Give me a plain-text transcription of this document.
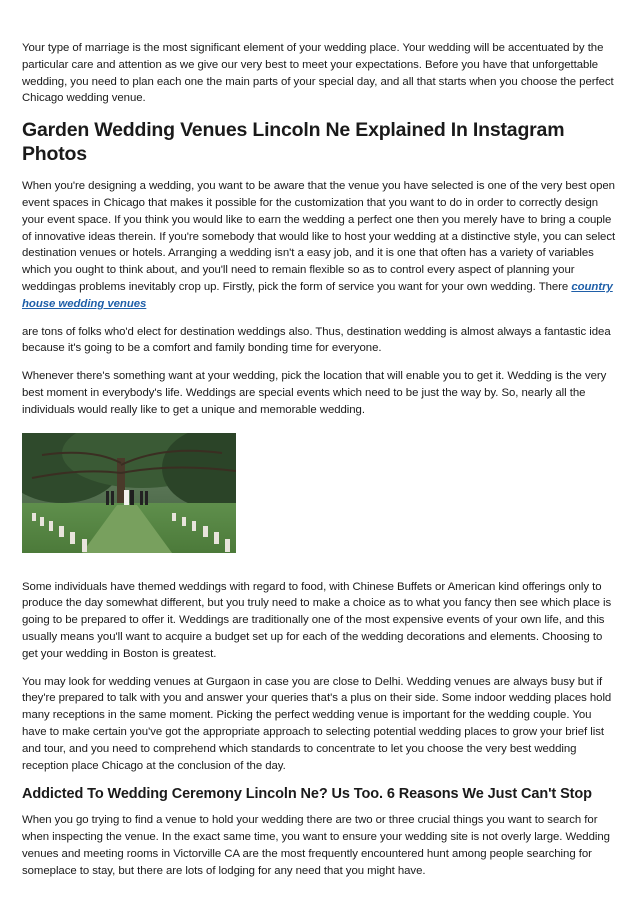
Your type of marriage is the most significant element of your wedding place. Your wedding will be accentuated by the particular care and attention as we give our very best to meet your expectations. Before you have that unforgettable wedding, you need to plan each one the main parts of your special day, and all that starts when you choose the perfect Chicago wedding venue.

Garden Wedding Venues Lincoln Ne Explained In Instagram Photos

When you're designing a wedding, you want to be aware that the venue you have selected is one of the very best open event spaces in Chicago that makes it possible for the customization that you want to do in order to correctly design your event space. If you think you would like to earn the wedding a perfect one then you merely have to bring a couple of innovative ideas therein. If you're somebody that would like to host your wedding at a distinctive style, you can select destination venues or hotels. Arranging a wedding isn't a easy job, and it is one that often has a variety of variables which you ought to think about, and you'll need to remain flexible so as to control every aspect of planning your weddingas problems inevitably crop up. Firstly, pick the form of service you want for your own wedding. There country house wedding venues

are tons of folks who'd elect for destination weddings also. Thus, destination wedding is almost always a fantastic idea because it's going to be a comfort and family bonding time for everyone.

Whenever there's something want at your wedding, pick the location that will enable you to get it. Wedding is the very best moment in everybody's life. Weddings are special events which need to be just the way by. So, nearly all the individuals would really like to get a unique and memorable wedding.

Some individuals have themed weddings with regard to food, with Chinese Buffets or American kind offerings only to produce the day somewhat different, but you truly need to make a choice as to what you fancy then see which place is going to be prepared to offer it. Weddings are traditionally one of the most expensive events of your own life, and this usually means you'll want to acquire a budget set up for each of the wedding decorations and elements. Choosing to get your wedding in Boston is greatest.

You may look for wedding venues at Gurgaon in case you are close to Delhi. Wedding venues are always busy but if they're prepared to talk with you and answer your queries that's a plus on their side. Some indoor wedding places hold many receptions in the same moment. Picking the perfect wedding venue is important for the wedding couple. You have to make certain you've got the appropriate approach to selecting potential wedding places to grow your brief list and tour, and you need to comprehend which standards to concentrate to let you choose the very best wedding reception place Chicago at the conclusion of the day.

Addicted To Wedding Ceremony Lincoln Ne? Us Too. 6 Reasons We Just Can't Stop

When you go trying to find a venue to hold your wedding there are two or three crucial things you want to search for when inspecting the venue. In the exact same time, you want to ensure your wedding site is not overly large. Wedding venues and meeting rooms in Victorville CA are the most frequently encountered hunt among people searching for someplace to stay, but there are lots of lodging for any need that you might have.
